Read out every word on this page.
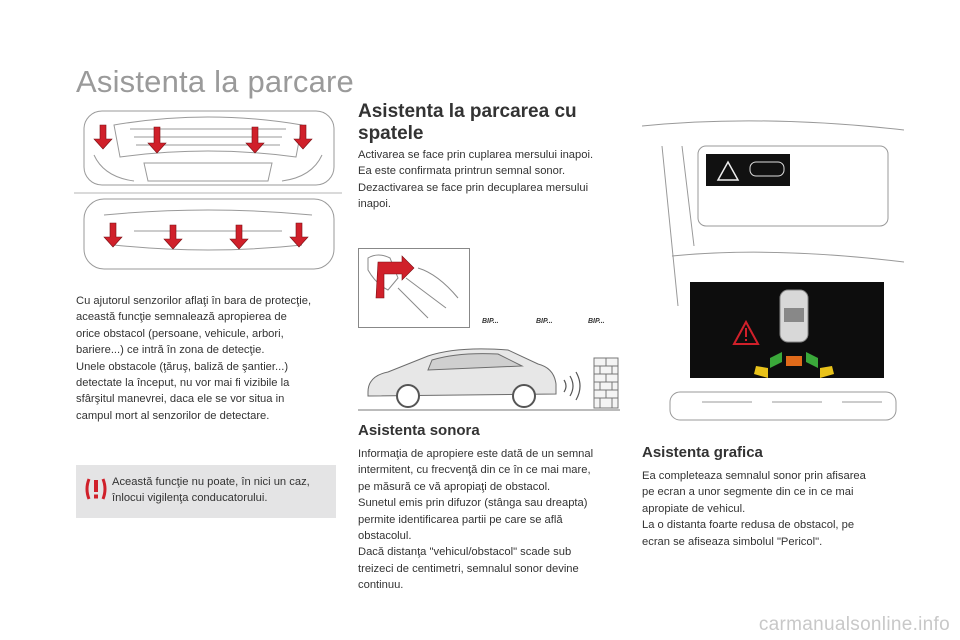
Asistenta la parcare
Cu ajutorul senzorilor aflaţi în bara de protecţie,
această funcţie semnalează apropierea de
orice obstacol (persoane, vehicule, arbori,
bariere...) ce intră în zona de detecţie.
Unele obstacole (ţăruş, baliză de şantier...)
detectate la început, nu vor mai fi vizibile la
sfârşitul manevrei, daca ele se vor situa in
campul mort al senzorilor de detectare.
Această funcţie nu poate, în nici un caz,
înlocui vigilenţa conducatorului.
Asistenta la parcarea cu spatele
Activarea se face prin cuplarea mersului inapoi.
Ea este confirmata printrun semnal sonor.
Dezactivarea se face prin decuplarea mersului
inapoi.
BIP...	BIP...	BIP...
Asistenta sonora
Informaţia de apropiere este dată de un semnal
intermitent, cu frecvenţă din ce în ce mai mare,
pe măsură ce vă apropiaţi de obstacol.
Sunetul emis prin difuzor (stânga sau dreapta)
permite identificarea partii pe care se află
obstacolul.
Dacă distanţa "vehicul/obstacol" scade sub
treizeci de centimetri, semnalul sonor devine
continuu.
Asistenta grafica
Ea completeaza semnalul sonor prin afisarea
pe ecran a unor segmente din ce in ce mai
apropiate de vehicul.
La o distanta foarte redusa de obstacol, pe
ecran se afiseaza simbolul "Pericol".
carmanualsonline.info
